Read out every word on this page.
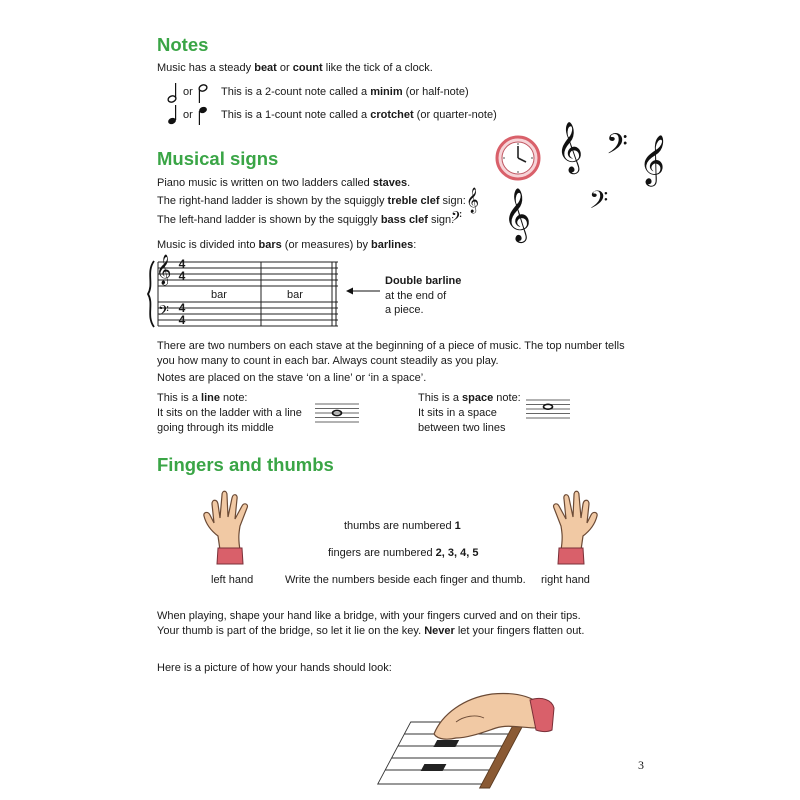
Notes
Music has a steady beat or count like the tick of a clock.
or	This is a 2-count note called a minim (or half-note)
or	This is a 1-count note called a crotchet (or quarter-note)
𝄞 𝄢 𝄞
𝄞 𝄢
Musical signs
Piano music is written on two ladders called staves.
The right-hand ladder is shown by the squiggly treble clef sign: 𝄞
The left-hand ladder is shown by the squiggly bass clef sign:
𝄢
Music is divided into bars (or measures) by barlines:
𝄞
𝄢
4
4
4
4
bar	bar
Double barline
at the end of
a piece.
There are two numbers on each stave at the beginning of a piece of music. The top number tells
you how many to count in each bar. Always count steadily as you play.
Notes are placed on the stave ‘on a line’ or ‘in a space’.
This is a line note:
It sits on the ladder with a line
going through its middle
This is a space note:
It sits in a space
between two lines
Fingers and thumbs
thumbs are numbered 1
fingers are numbered 2, 3, 4, 5
left hand	Write the numbers beside each finger and thumb. right hand
When playing, shape your hand like a bridge, with your fingers curved and on their tips.
Your thumb is part of the bridge, so let it lie on the key. Never let your fingers flatten out.
Here is a picture of how your hands should look:
3
